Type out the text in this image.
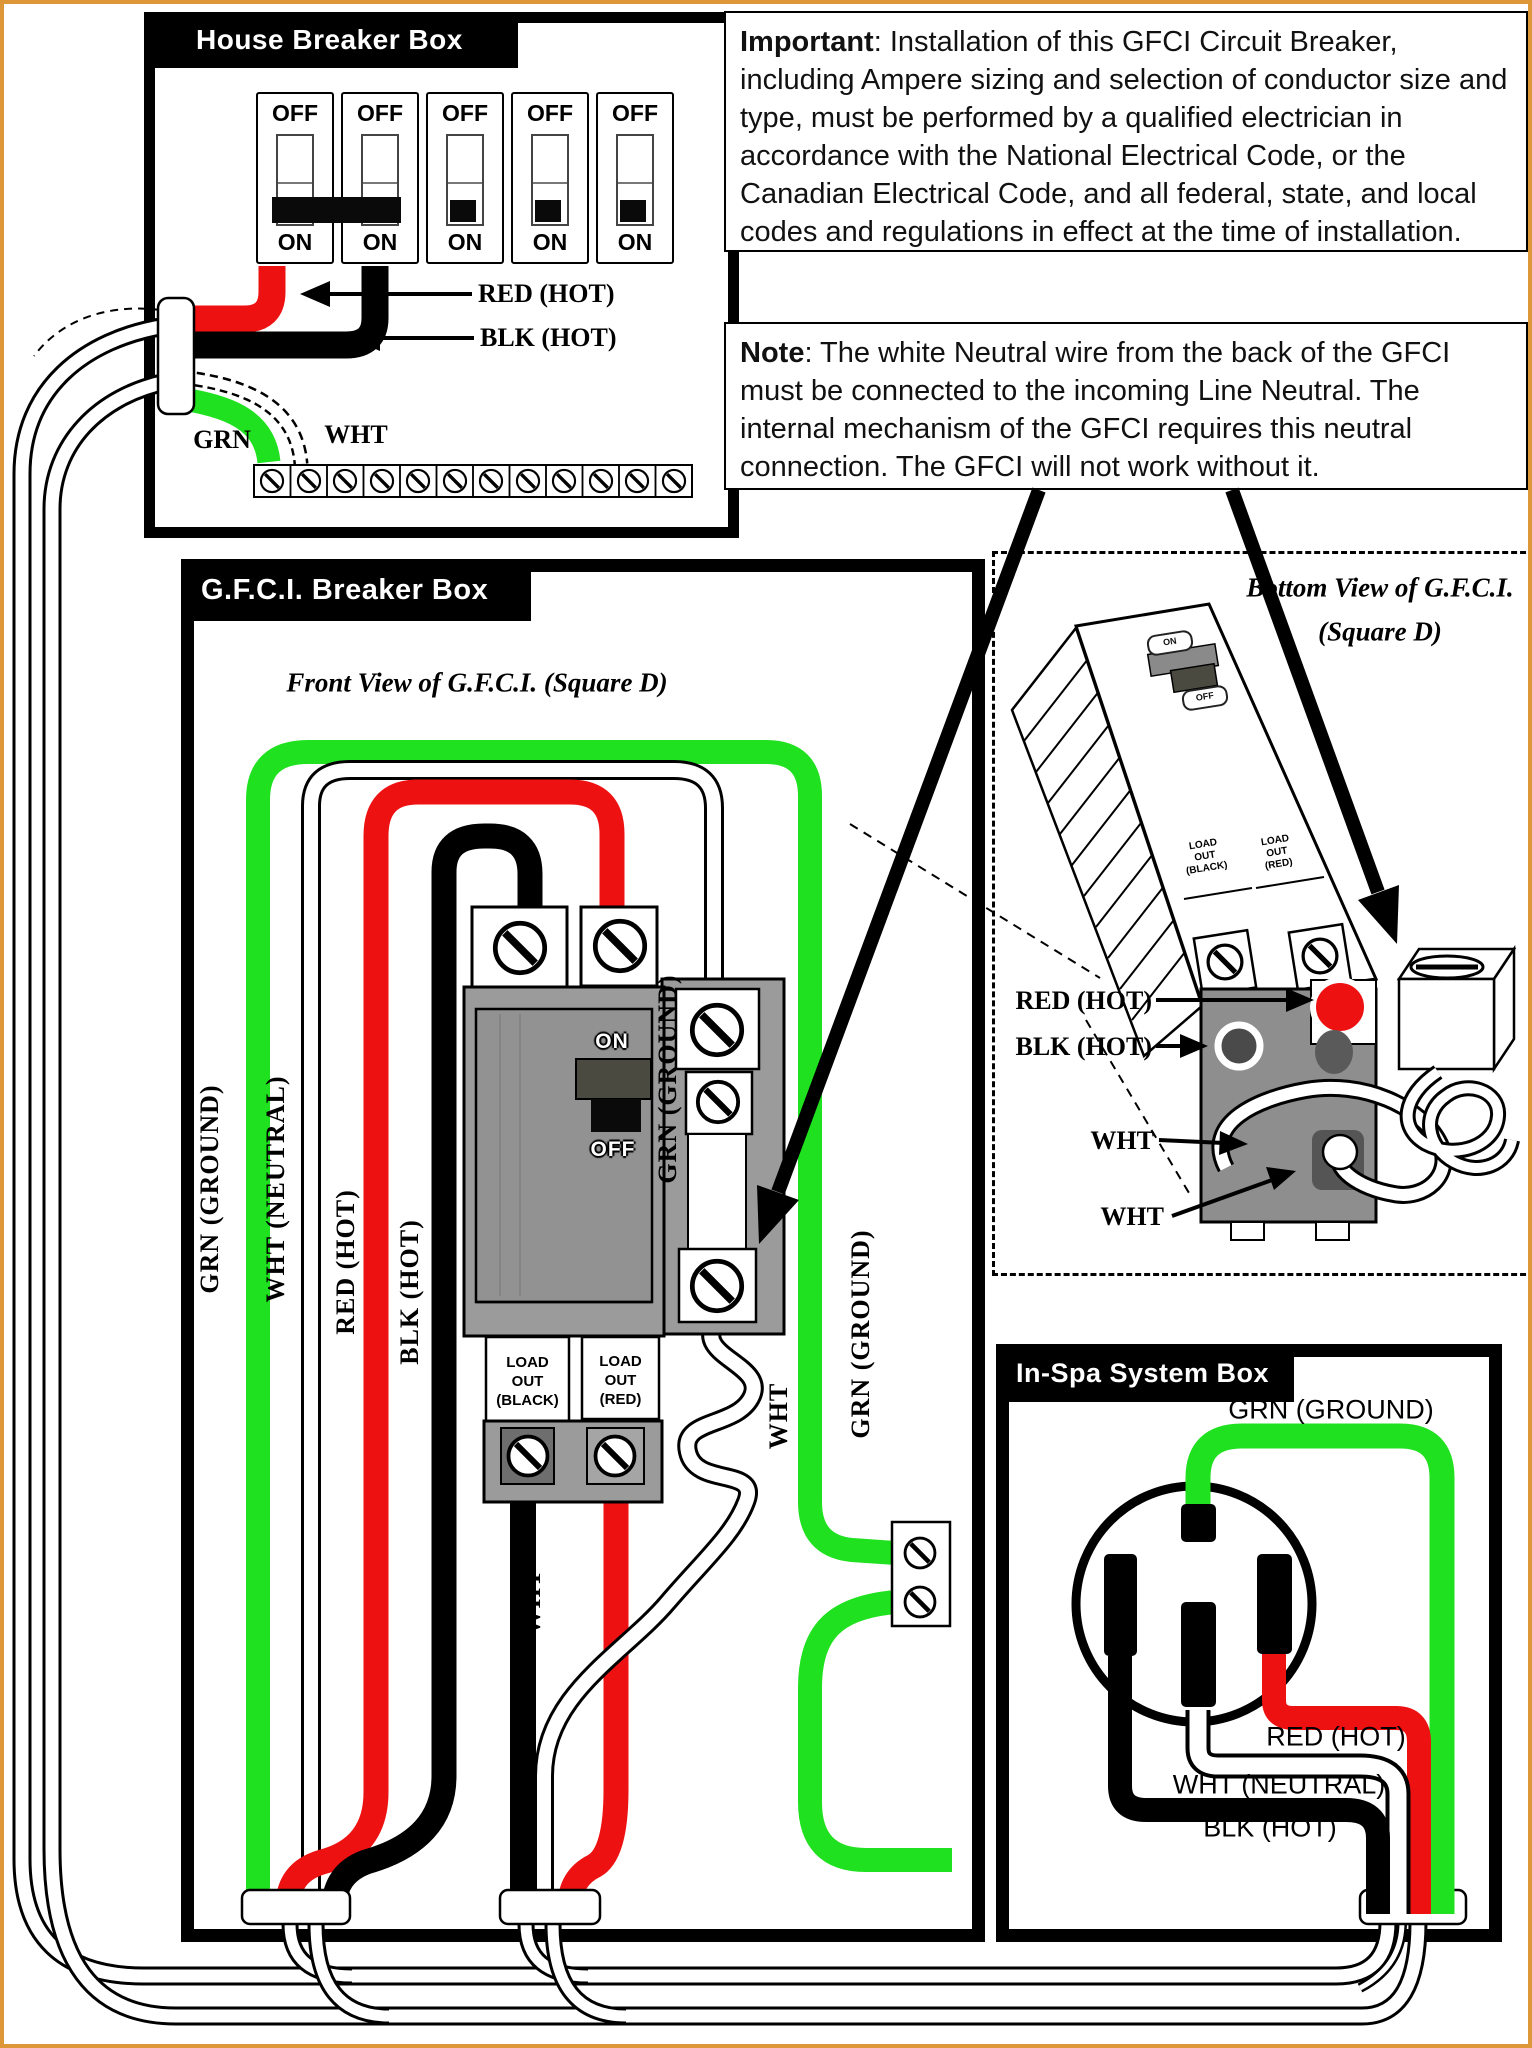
House Breaker Box
OFF
ON
OFF
ON
OFF
ON
OFF
ON
OFF
ON
RED (HOT)
BLK (HOT)
GRN	WHT
Important: Installation of this GFCI Circuit Breaker, including Ampere sizing and selection of conductor size and type, must be performed by a qualified electrician in accordance with the National Electrical Code, or the Canadian Electrical Code, and all federal, state, and local codes and regulations in effect at the time of installation.
Note: The white Neutral wire from the back of the GFCI must be connected to the incoming Line Neutral. The internal mechanism of the GFCI requires this neutral connection. The GFCI will not work without it.
G.F.C.I. Breaker Box
Front View of G.F.C.I. (Square D)
ON
OFF
LOAD
OUT
(BLACK)
LOAD
OUT
(RED)
GRN (GROUND) WHT (NEUTRAL) RED (HOT) BLK (HOT)
GRN (GROUND)
WHT
WHT
GRN (GROUND)
Bottom View of G.F.C.I.
(Square D)
ON
OFF
LOAD
OUT
(BLACK)
LOAD
OUT
(RED)
RED (HOT)
BLK (HOT)
WHT
WHT
In-Spa System Box
GRN (GROUND)
RED (HOT)
WHT (NEUTRAL)
BLK (HOT)
